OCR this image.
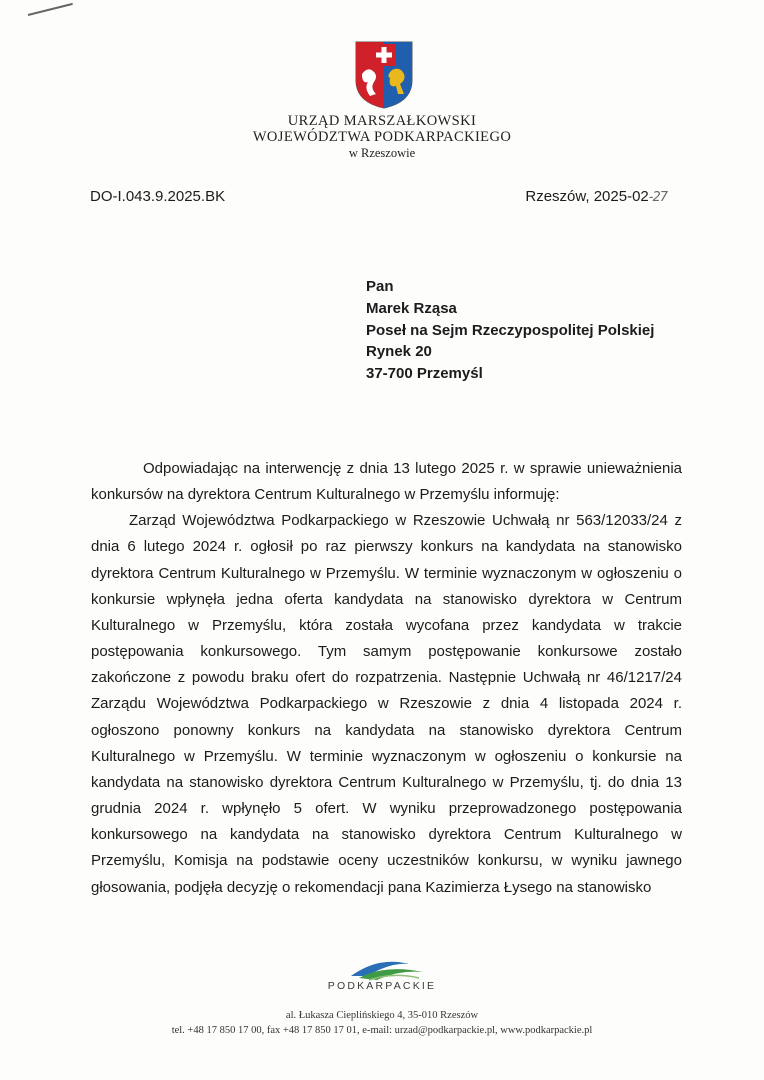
URZĄD MARSZAŁKOWSKI
WOJEWÓDZTWA PODKARPACKIEGO
w Rzeszowie
DO-I.043.9.2025.BK	Rzeszów, 2025-02-27
Pan
Marek Rząsa
Poseł na Sejm Rzeczypospolitej Polskiej
Rynek 20
37-700 Przemyśl

Odpowiadając na interwencję z dnia 13 lutego 2025 r. w sprawie unieważnienia konkursów na dyrektora Centrum Kulturalnego w Przemyślu informuję:

Zarząd Województwa Podkarpackiego w Rzeszowie Uchwałą nr 563/12033/24 z dnia 6 lutego 2024 r. ogłosił po raz pierwszy konkurs na kandydata na stanowisko dyrektora Centrum Kulturalnego w Przemyślu. W terminie wyznaczonym w ogłoszeniu o konkursie wpłynęła jedna oferta kandydata na stanowisko dyrektora w Centrum Kulturalnego w Przemyślu, która została wycofana przez kandydata w trakcie postępowania konkursowego. Tym samym postępowanie konkursowe zostało zakończone z powodu braku ofert do rozpatrzenia. Następnie Uchwałą nr 46/1217/24 Zarządu Województwa Podkarpackiego w Rzeszowie z dnia 4 listopada 2024 r. ogłoszono ponowny konkurs na kandydata na stanowisko dyrektora Centrum Kulturalnego w Przemyślu. W terminie wyznaczonym w ogłoszeniu o konkursie na kandydata na stanowisko dyrektora Centrum Kulturalnego w Przemyślu, tj. do dnia 13 grudnia 2024 r. wpłynęło 5 ofert. W wyniku przeprowadzonego postępowania konkursowego na kandydata na stanowisko dyrektora Centrum Kulturalnego w Przemyślu, Komisja na podstawie oceny uczestników konkursu, w wyniku jawnego głosowania, podjęła decyzję o rekomendacji pana Kazimierza Łysego na stanowisko

PODKARPACKIE
al. Łukasza Cieplińskiego 4, 35-010 Rzeszów
tel. +48 17 850 17 00, fax +48 17 850 17 01, e-mail: urzad@podkarpackie.pl, www.podkarpackie.pl
